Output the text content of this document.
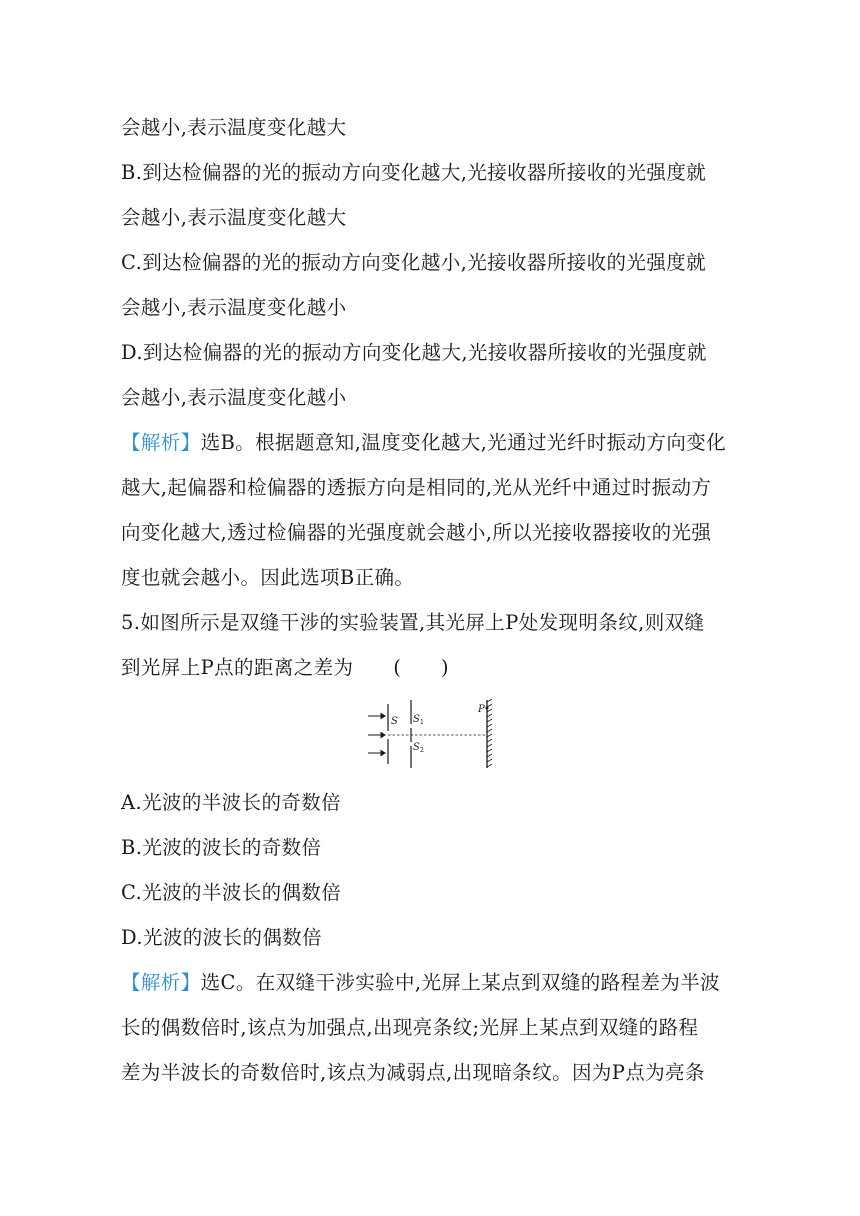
会越小,表示温度变化越大
B.到达检偏器的光的振动方向变化越大,光接收器所接收的光强度就
会越小,表示温度变化越大
C.到达检偏器的光的振动方向变化越小,光接收器所接收的光强度就
会越小,表示温度变化越小
D.到达检偏器的光的振动方向变化越大,光接收器所接收的光强度就
会越小,表示温度变化越小
【解析】选B。根据题意知,温度变化越大,光通过光纤时振动方向变化
越大,起偏器和检偏器的透振方向是相同的,光从光纤中通过时振动方
向变化越大,透过检偏器的光强度就会越小,所以光接收器接收的光强
度也就会越小。因此选项B正确。
5.如图所示是双缝干涉的实验装置,其光屏上P处发现明条纹,则双缝
到光屏上P点的距离之差为　　(　　)
S $S_1$
$S_2$
P
A.光波的半波长的奇数倍
B.光波的波长的奇数倍
C.光波的半波长的偶数倍
D.光波的波长的偶数倍
【解析】选C。在双缝干涉实验中,光屏上某点到双缝的路程差为半波
长的偶数倍时,该点为加强点,出现亮条纹;光屏上某点到双缝的路程
差为半波长的奇数倍时,该点为减弱点,出现暗条纹。因为P点为亮条
